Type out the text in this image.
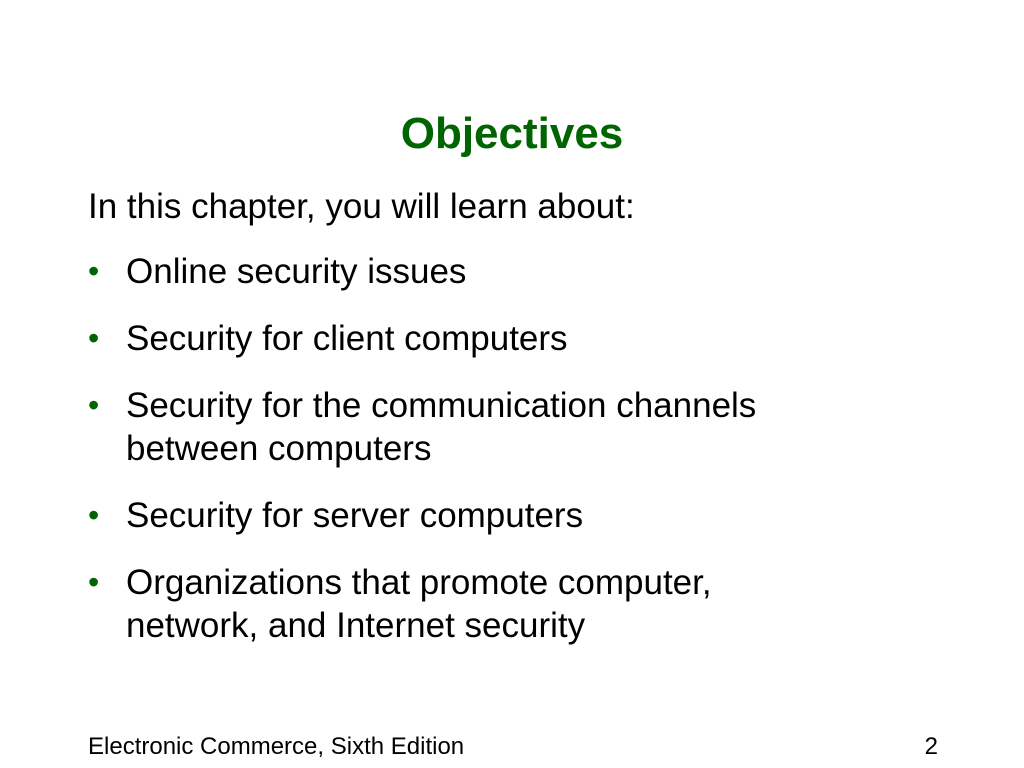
Objectives
In this chapter, you will learn about:
• Online security issues
• Security for client computers
• Security for the communication channels
between computers
• Security for server computers
• Organizations that promote computer,
network, and Internet security
Electronic Commerce, Sixth Edition	2
